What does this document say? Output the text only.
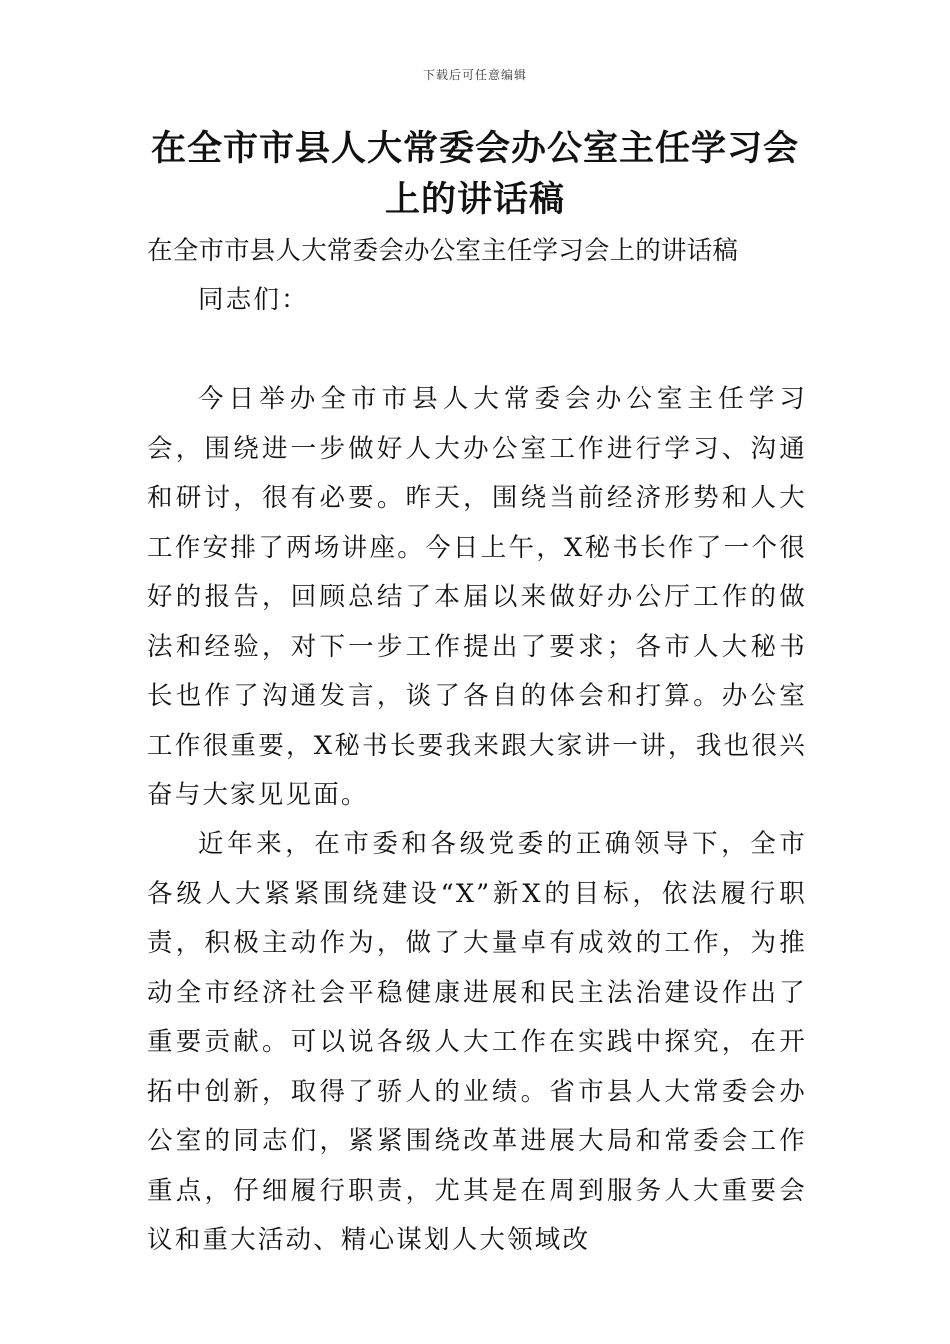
下载后可任意编辑
在全市市县人大常委会办公室主任学习会上的讲话稿

在全市市县人大常委会办公室主任学习会上的讲话稿

同志们：

今日举办全市市县人大常委会办公室主任学习会，围绕进一步做好人大办公室工作进行学习、沟通和研讨，很有必要。昨天，围绕当前经济形势和人大工作安排了两场讲座。今日上午，X秘书长作了一个很好的报告，回顾总结了本届以来做好办公厅工作的做法和经验，对下一步工作提出了要求；各市人大秘书长也作了沟通发言，谈了各自的体会和打算。办公室工作很重要，X秘书长要我来跟大家讲一讲，我也很兴奋与大家见见面。

近年来，在市委和各级党委的正确领导下，全市各级人大紧紧围绕建设“X”新X的目标，依法履行职责，积极主动作为，做了大量卓有成效的工作，为推动全市经济社会平稳健康进展和民主法治建设作出了重要贡献。可以说各级人大工作在实践中探究，在开拓中创新，取得了骄人的业绩。省市县人大常委会办公室的同志们，紧紧围绕改革进展大局和常委会工作重点，仔细履行职责，尤其是在周到服务人大重要会议和重大活动、精心谋划人大领域改
